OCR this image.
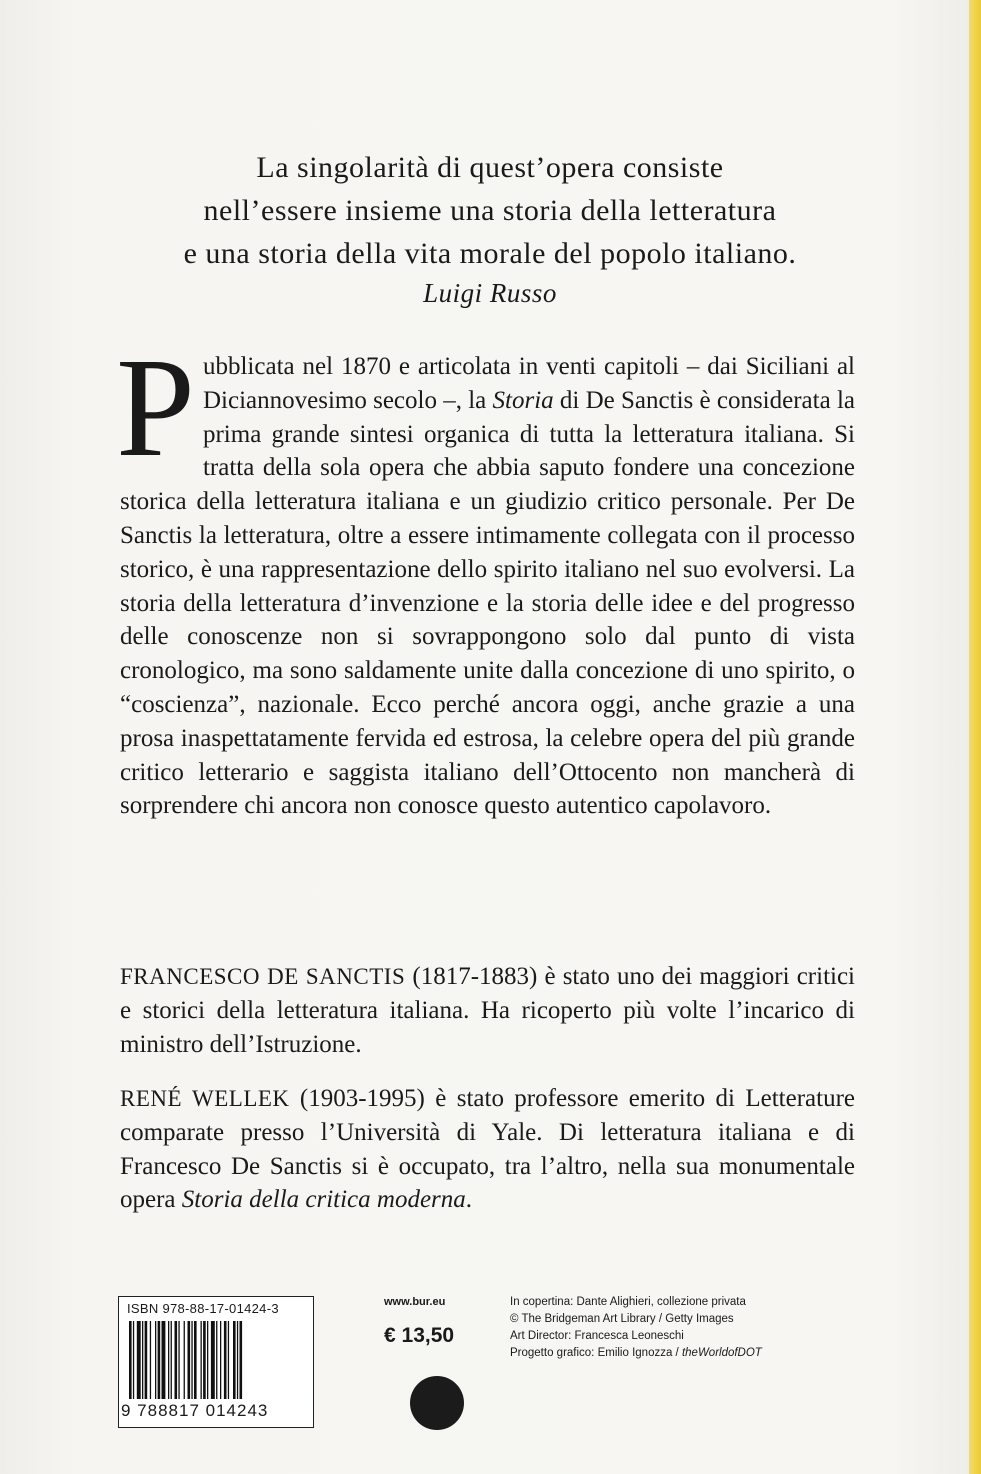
La singolarità di quest’opera consiste
nell’essere insieme una storia della letteratura
e una storia della vita morale del popolo italiano.
Luigi Russo
Pubblicata nel 1870 e articolata in venti capitoli – dai Siciliani al Diciannovesimo secolo –, la Storia di De Sanctis è considerata la prima grande sintesi organica di tutta la letteratura italiana. Si tratta della sola opera che abbia saputo fondere una concezione storica della letteratura italiana e un giudizio critico personale. Per De Sanctis la letteratura, oltre a essere intimamente collegata con il processo storico, è una rappresentazione dello spirito italiano nel suo evolversi. La storia della letteratura d’invenzione e la storia delle idee e del progresso delle conoscenze non si sovrappongono solo dal punto di vista cronologico, ma sono saldamente unite dalla concezione di uno spirito, o “coscienza”, nazionale. Ecco perché ancora oggi, anche grazie a una prosa inaspettatamente fervida ed estrosa, la celebre opera del più grande critico letterario e saggista italiano dell’Ottocento non mancherà di sorprendere chi ancora non conosce questo autentico capolavoro.
FRANCESCO DE SANCTIS (1817-1883) è stato uno dei maggiori critici e storici della letteratura italiana. Ha ricoperto più volte l’incarico di ministro dell’Istruzione.
RENÉ WELLEK (1903-1995) è stato professore emerito di Letterature comparate presso l’Università di Yale. Di letteratura italiana e di Francesco De Sanctis si è occupato, tra l’altro, nella sua monumentale opera Storia della critica moderna.
ISBN 978-88-17-01424-3
9 788817 014243
www.bur.eu
€ 13,50
In copertina: Dante Alighieri, collezione privata
© The Bridgeman Art Library / Getty Images
Art Director: Francesca Leoneschi
Progetto grafico: Emilio Ignozza / theWorldofDOT
